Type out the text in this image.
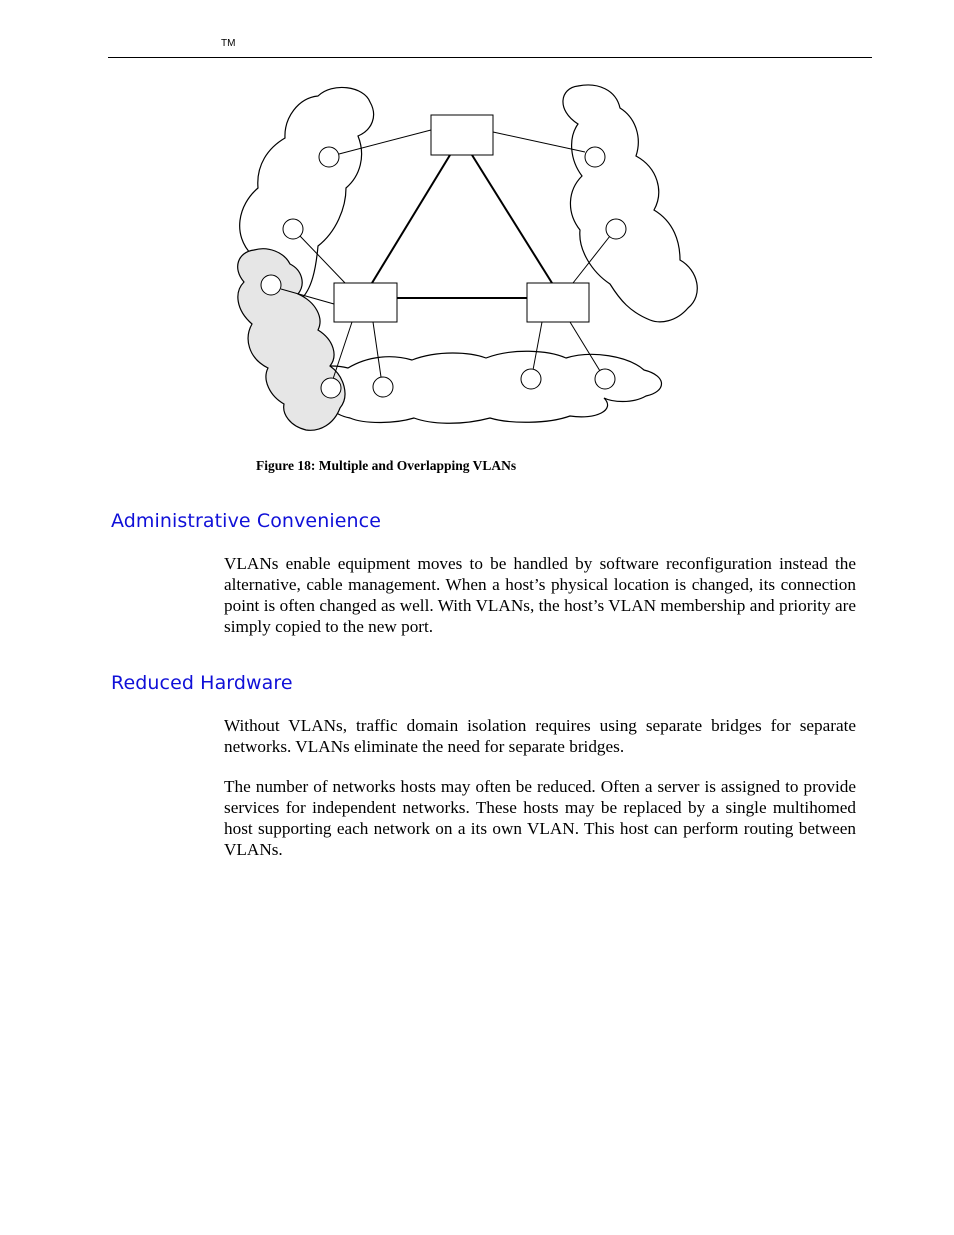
TM
Figure 18: Multiple and Overlapping VLANs
Administrative Convenience

VLANs enable equipment moves to be handled by software reconfiguration instead the alternative, cable management. When a host’s physical location is changed, its connection point is often changed as well. With VLANs, the host’s VLAN membership and priority are simply copied to the new port.

Reduced Hardware

Without VLANs, traffic domain isolation requires using separate bridges for separate networks. VLANs eliminate the need for separate bridges.

The number of networks hosts may often be reduced. Often a server is assigned to provide services for independent networks. These hosts may be replaced by a single multihomed host supporting each network on a its own VLAN. This host can perform routing between VLANs.
